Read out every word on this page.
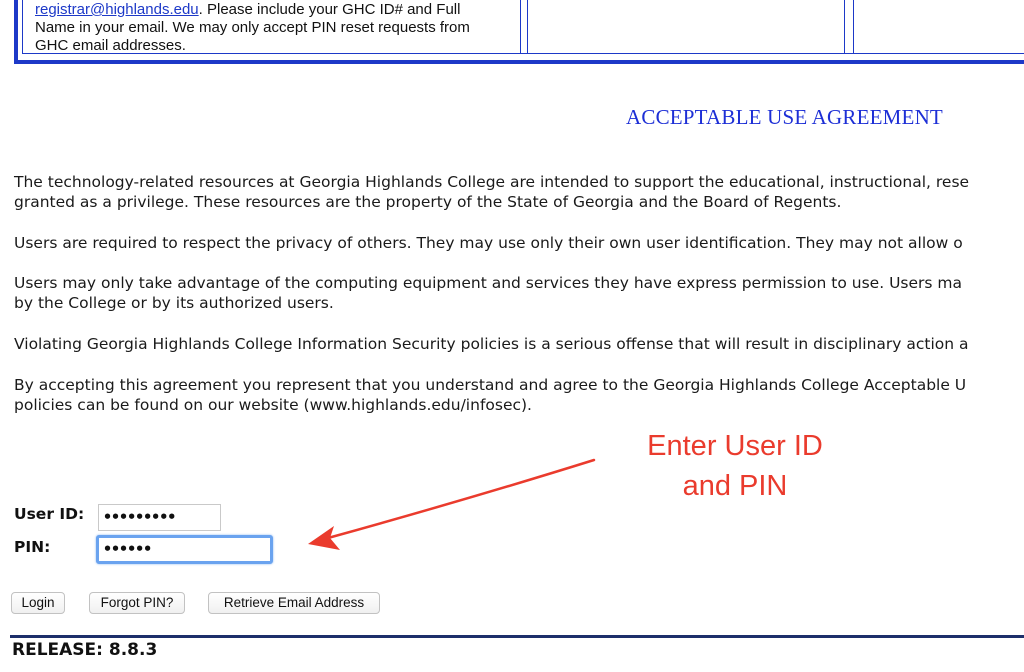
registrar@highlands.edu. Please include your GHC ID# and Full
Name in your email. We may only accept PIN reset requests from
GHC email addresses.
ACCEPTABLE USE AGREEMENT
The technology-related resources at Georgia Highlands College are intended to support the educational, instructional, rese
granted as a privilege. These resources are the property of the State of Georgia and the Board of Regents.
Users are required to respect the privacy of others. They may use only their own user identification. They may not allow o
Users may only take advantage of the computing equipment and services they have express permission to use. Users ma
by the College or by its authorized users.
Violating Georgia Highlands College Information Security policies is a serious offense that will result in disciplinary action a
By accepting this agreement you represent that you understand and agree to the Georgia Highlands College Acceptable U
policies can be found on our website (www.highlands.edu/infosec).
Enter User ID
and PIN
User ID:	•••••••••
PIN:	••••••
Login	Forgot PIN?	Retrieve Email Address
RELEASE: 8.8.3
